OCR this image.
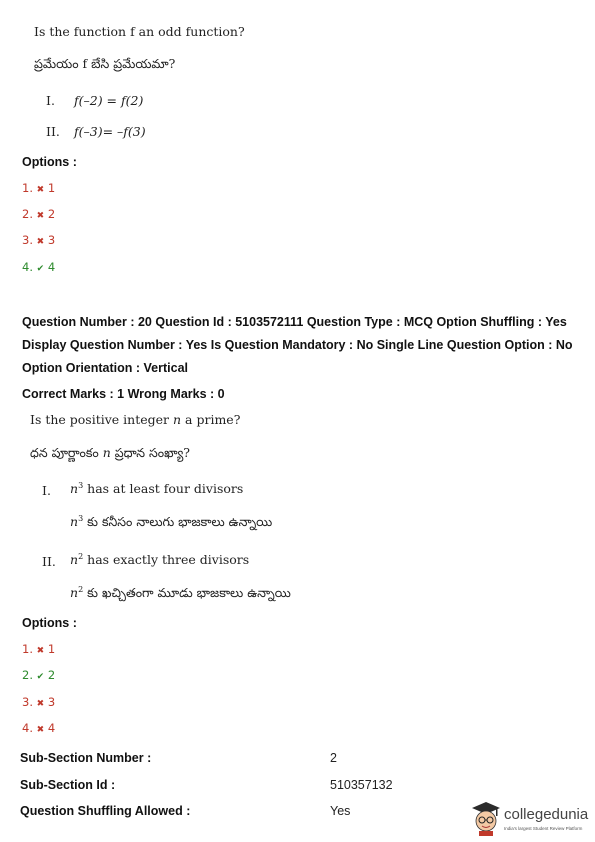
Is the function f an odd function?
ప్రమేయం f బేసి ప్రమేయమా?
I. f(–2) = f(2)
II. f(–3)= –f(3)
Options :
1. ✖ 1
2. ✖ 2
3. ✖ 3
4. ✔ 4
Question Number : 20 Question Id : 5103572111 Question Type : MCQ Option Shuffling : Yes
Display Question Number : Yes Is Question Mandatory : No Single Line Question Option : No
Option Orientation : Vertical
Correct Marks : 1 Wrong Marks : 0
Is the positive integer n a prime?
ధన పూర్ణాంకం n ప్రధాన సంఖ్యా?
I. $n^3$ has at least four divisors
$n^3$ కు కనీసం నాలుగు భాజకాలు ఉన్నాయి
II. $n^2$ has exactly three divisors
$n^2$ కు ఖచ్చితంగా మూడు భాజకాలు ఉన్నాయి
Options :
1. ✖ 1
2. ✔ 2
3. ✖ 3
4. ✖ 4
Sub-Section Number :	2
Sub-Section Id :	510357132
Question Shuffling Allowed :	Yes	collegedunia
India's largest Student Review Platform
